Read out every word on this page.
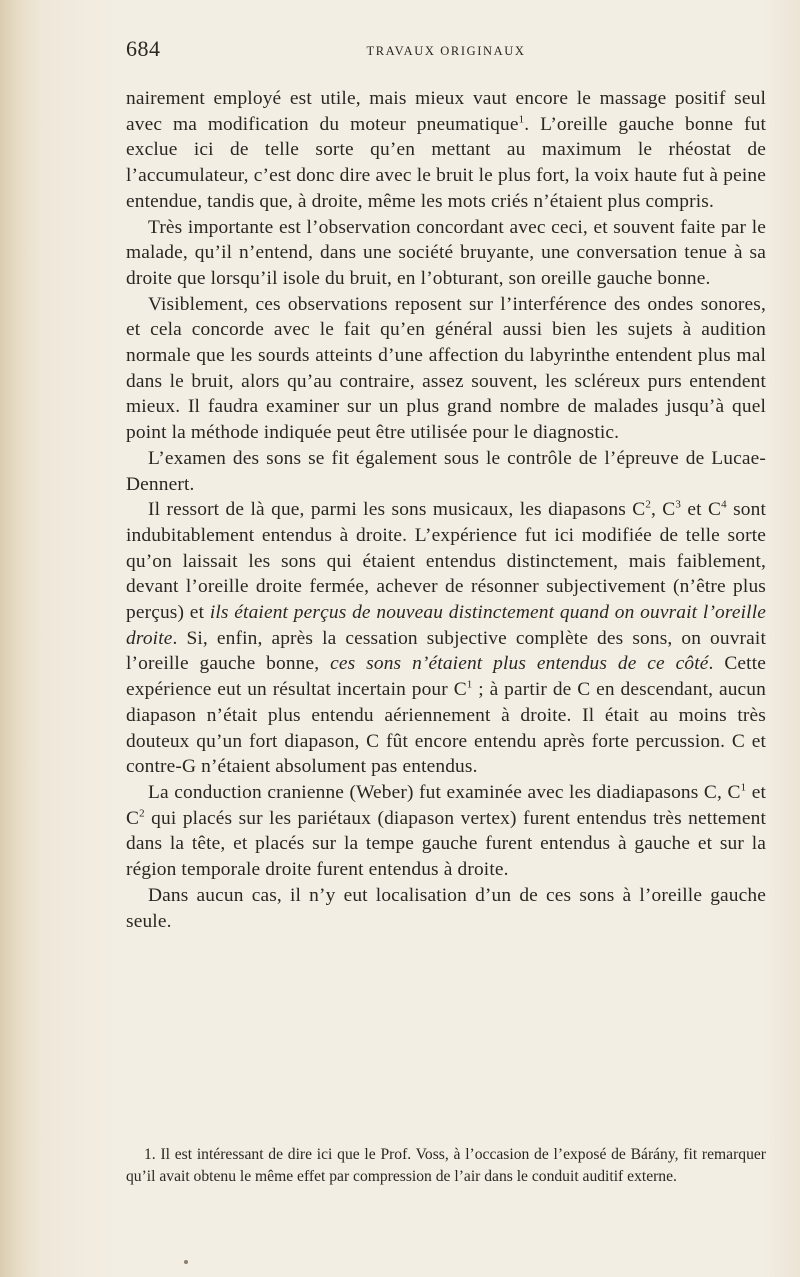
684	TRAVAUX ORIGINAUX

nairement employé est utile, mais mieux vaut encore le massage positif seul avec ma modification du moteur pneumatique$^1$. L’oreille gauche bonne fut exclue ici de telle sorte qu’en mettant au maximum le rhéostat de l’accumulateur, c’est donc dire avec le bruit le plus fort, la voix haute fut à peine entendue, tandis que, à droite, même les mots criés n’étaient plus compris.

Très importante est l’observation concordant avec ceci, et souvent faite par le malade, qu’il n’entend, dans une société bruyante, une conversation tenue à sa droite que lorsqu’il isole du bruit, en l’obturant, son oreille gauche bonne.

Visiblement, ces observations reposent sur l’interférence des ondes sonores, et cela concorde avec le fait qu’en général aussi bien les sujets à audition normale que les sourds atteints d’une affection du labyrinthe entendent plus mal dans le bruit, alors qu’au contraire, assez souvent, les scléreux purs entendent mieux. Il faudra examiner sur un plus grand nombre de malades jusqu’à quel point la méthode indiquée peut être utilisée pour le diagnostic.

L’examen des sons se fit également sous le contrôle de l’épreuve de Lucae-Dennert.

Il ressort de là que, parmi les sons musicaux, les diapasons $C^2$, $C^3$ et $C^4$ sont indubitablement entendus à droite. L’expérience fut ici modifiée de telle sorte qu’on laissait les sons qui étaient entendus distinctement, mais faiblement, devant l’oreille droite fermée, achever de résonner subjectivement (n’être plus perçus) et ils étaient perçus de nouveau distinctement quand on ouvrait l’oreille droite. Si, enfin, après la cessation subjective complète des sons, on ouvrait l’oreille gauche bonne, ces sons n’étaient plus entendus de ce côté. Cette expérience eut un résultat incertain pour $C^1$ ; à partir de C en descendant, aucun diapason n’était plus entendu aériennement à droite. Il était au moins très douteux qu’un fort diapason, C fût encore entendu après forte percussion. C et contre-G n’étaient absolument pas entendus.

La conduction cranienne (Weber) fut examinée avec les diadiapasons C, $C^1$ et $C^2$ qui placés sur les pariétaux (diapason vertex) furent entendus très nettement dans la tête, et placés sur la tempe gauche furent entendus à gauche et sur la région temporale droite furent entendus à droite.

Dans aucun cas, il n’y eut localisation d’un de ces sons à l’oreille gauche seule.

1. Il est intéressant de dire ici que le Prof. Voss, à l’occasion de l’exposé de Bárány, fit remarquer qu’il avait obtenu le même effet par compression de l’air dans le conduit auditif externe.
